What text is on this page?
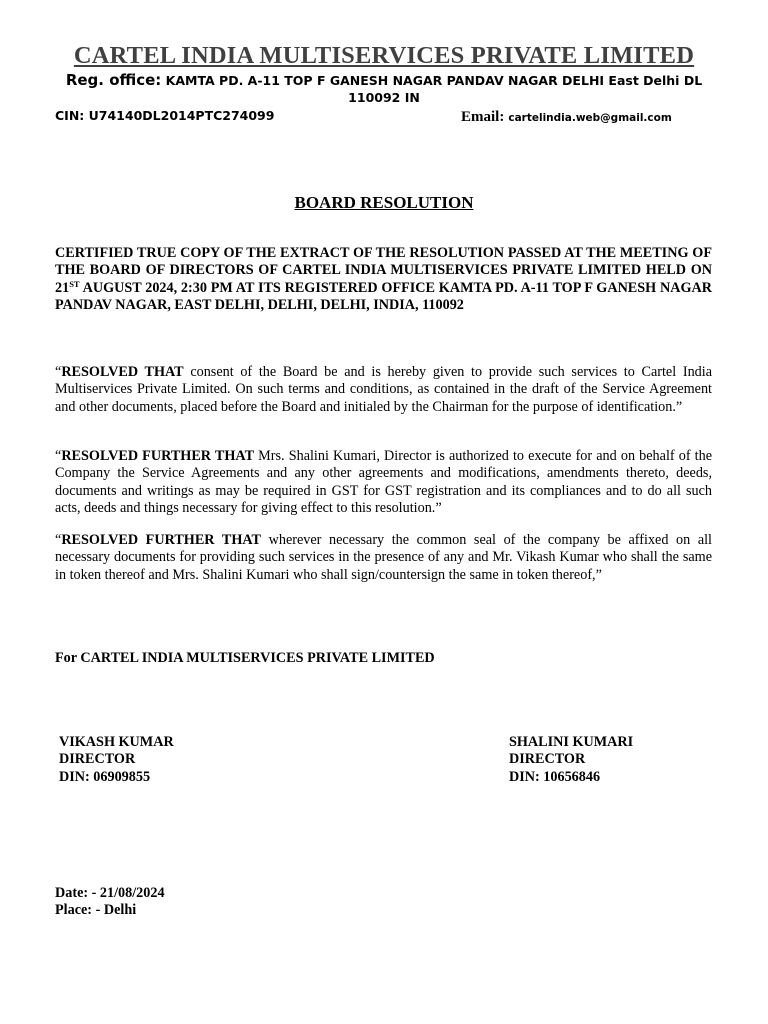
CARTEL INDIA MULTISERVICES PRIVATE LIMITED
Reg. office: KAMTA PD. A-11 TOP F GANESH NAGAR PANDAV NAGAR DELHI East Delhi DL 110092 IN
CIN: U74140DL2014PTC274099	Email: cartelindia.web@gmail.com
BOARD RESOLUTION
CERTIFIED TRUE COPY OF THE EXTRACT OF THE RESOLUTION PASSED AT THE MEETING OF THE BOARD OF DIRECTORS OF CARTEL INDIA MULTISERVICES PRIVATE LIMITED HELD ON 21ST AUGUST 2024, 2:30 PM AT ITS REGISTERED OFFICE KAMTA PD. A-11 TOP F GANESH NAGAR PANDAV NAGAR, EAST DELHI, DELHI, DELHI, INDIA, 110092
“RESOLVED THAT consent of the Board be and is hereby given to provide such services to Cartel India Multiservices Private Limited. On such terms and conditions, as contained in the draft of the Service Agreement and other documents, placed before the Board and initialed by the Chairman for the purpose of identification.”
“RESOLVED FURTHER THAT Mrs. Shalini Kumari, Director is authorized to execute for and on behalf of the Company the Service Agreements and any other agreements and modifications, amendments thereto, deeds, documents and writings as may be required in GST for GST registration and its compliances and to do all such acts, deeds and things necessary for giving effect to this resolution.”
“RESOLVED FURTHER THAT wherever necessary the common seal of the company be affixed on all necessary documents for providing such services in the presence of any and Mr. Vikash Kumar who shall the same in token thereof and Mrs. Shalini Kumari who shall sign/countersign the same in token thereof,”
For CARTEL INDIA MULTISERVICES PRIVATE LIMITED
VIKASH KUMAR
DIRECTOR
DIN: 06909855
SHALINI KUMARI
DIRECTOR
DIN: 10656846
Date: - 21/08/2024
Place: - Delhi
